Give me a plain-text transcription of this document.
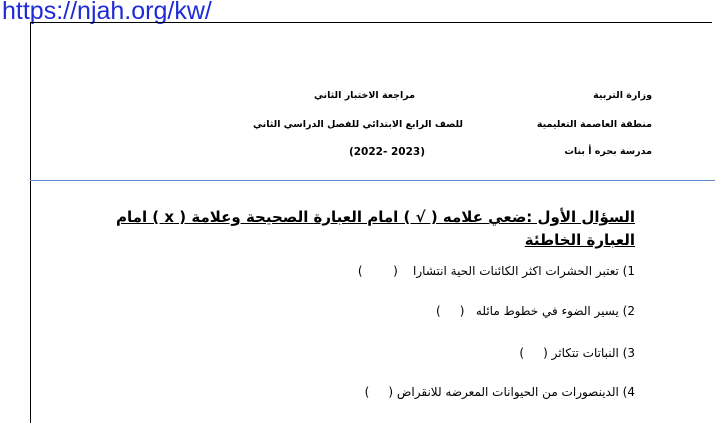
https://njah.org/kw/
وزارة التربية
منطقة العاصمة التعليمية
مدرسة بحره أ بنات
مراجعة الاختبار الثاني
للصف الرابع الابتدائي للفصل الدراسي الثاني
(2022- 2023)
السؤال الأول :ضعي علامه ( √ ) امام العبارة الصحيحة وعلامة ( x ) امام العبارة الخاطئة
1) تعتبر الحشرات اكثر الكائنات الحية انتشارا    (        )
2) يسير الضوء في خطوط مائله   (     )
3) النباتات تتكاثر (     )
4) الدينصورات من الحيوانات المعرضه للانقراض (     )
